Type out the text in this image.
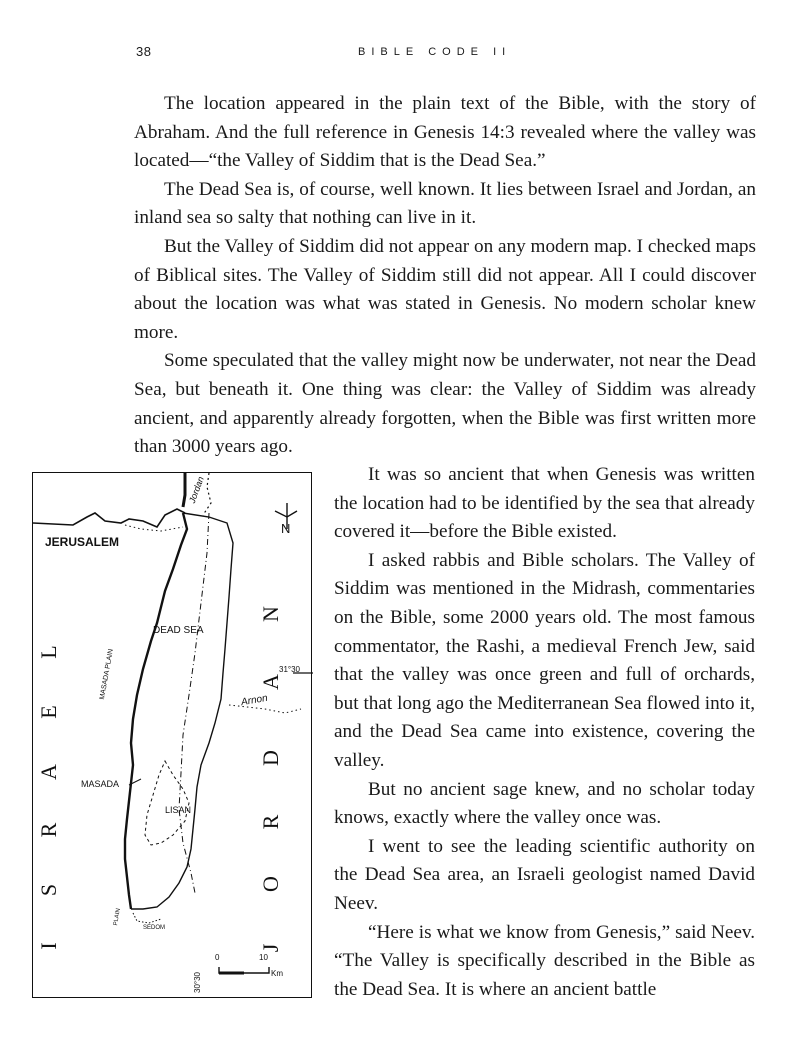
38	BIBLE CODE II

The location appeared in the plain text of the Bible, with the story of Abraham. And the full reference in Genesis 14:3 revealed where the valley was located—“the Valley of Siddim that is the Dead Sea.”

The Dead Sea is, of course, well known. It lies between Israel and Jordan, an inland sea so salty that nothing can live in it.

But the Valley of Siddim did not appear on any modern map. I checked maps of Biblical sites. The Valley of Siddim still did not appear. All I could discover about the location was what was stated in Genesis. No modern scholar knew more.

Some speculated that the valley might now be underwater, not near the Dead Sea, but beneath it. One thing was clear: the Valley of Siddim was already ancient, and apparently already forgotten, when the Bible was first written more than 3000 years ago.

JERUSALEM
DEAD SEA
MASADA
MASADA PLAIN
LISAN
Arnon
Jordan
31°30
30°30
0	10
Km
SEDOM
PLAIN
N
I
S
R
A
E
L
J
O
R
D
A
N

It was so ancient that when Genesis was written the location had to be identified by the sea that already covered it—before the Bible existed.

I asked rabbis and Bible scholars. The Valley of Siddim was mentioned in the Midrash, commentaries on the Bible, some 2000 years old. The most famous commentator, the Rashi, a medieval French Jew, said that the valley was once green and full of orchards, but that long ago the Mediterranean Sea flowed into it, and the Dead Sea came into existence, covering the valley.

But no ancient sage knew, and no scholar today knows, exactly where the valley once was.

I went to see the leading scientific authority on the Dead Sea area, an Israeli geologist named David Neev.

“Here is what we know from Genesis,” said Neev. “The Valley is specifically described in the Bible as the Dead Sea. It is where an ancient battle
